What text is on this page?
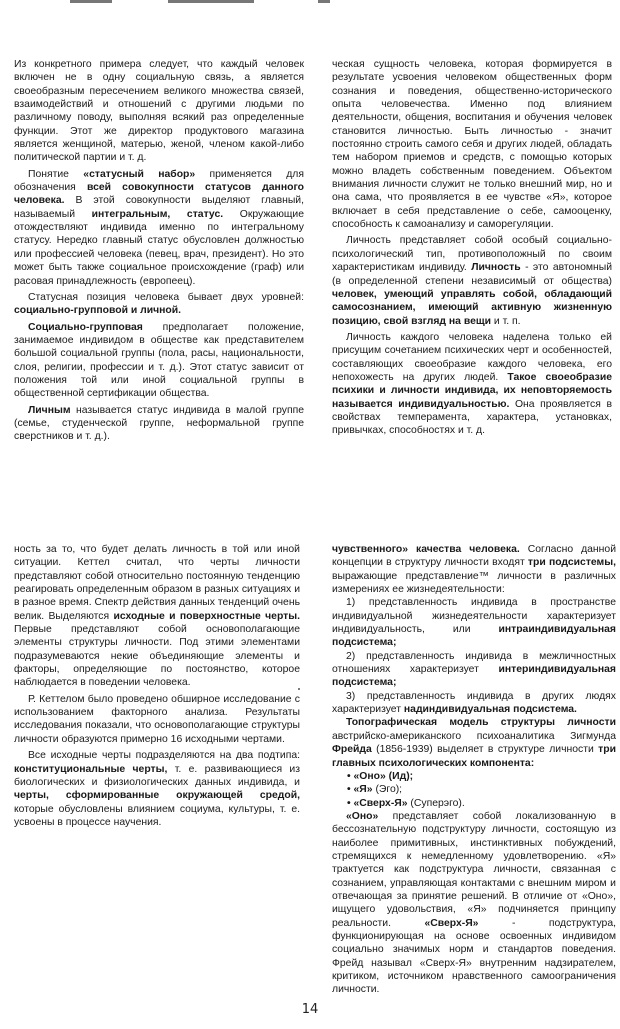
Из конкретного примера следует, что каждый человек включен не в одну социальную связь, а является своеобразным пересечением великого множества связей, взаимодействий и отношений с другими людьми по различному поводу, выполняя всякий раз определенные функции. Этот же директор продуктового магазина является женщиной, матерью, женой, членом какой-либо политической партии и т. д.

Понятие «статусный набор» применяется для обозначения всей совокупности статусов данного человека. В этой совокупности выделяют главный, называемый интегральным, статус. Окружающие отождествляют индивида именно по интегральному статусу. Нередко главный статус обусловлен должностью или профессией человека (певец, врач, президент). Но это может быть также социальное происхождение (граф) или расовая принадлежность (европеец).

Статусная позиция человека бывает двух уровней: социально-групповой и личной.

Социально-групповая предполагает положение, занимаемое индивидом в обществе как представителем большой социальной группы (пола, расы, национальности, слоя, религии, профессии и т. д.). Этот статус зависит от положения той или иной социальной группы в общественной сертификации общества.

Личным называется статус индивида в малой группе (семье, студенческой группе, неформальной группе сверстников и т. д.).

ческая сущность человека, которая формируется в результате усвоения человеком общественных форм сознания и поведения, общественно-исторического опыта человечества. Именно под влиянием деятельности, общения, воспитания и обучения человек становится личностью. Быть личностью - значит постоянно строить самого себя и других людей, обладать тем набором приемов и средств, с помощью которых можно владеть собственным поведением. Объектом внимания личности служит не только внешний мир, но и она сама, что проявляется в ее чувстве «Я», которое включает в себя представление о себе, самооценку, способность к самоанализу и саморегуляции.

Личность представляет собой особый социально-психологический тип, противоположный по своим характеристикам индивиду. Личность - это автономный (в определенной степени независимый от общества) человек, умеющий управлять собой, обладающий самосознанием, имеющий активную жизненную позицию, свой взгляд на вещи и т. п.

Личность каждого человека наделена только ей присущим сочетанием психических черт и особенностей, составляющих своеобразие каждого человека, его непохожесть на других людей. Такое своеобразие психики и личности индивида, их неповторяемость называется индивидуальностью. Она проявляется в свойствах темперамента, характера, установках, привычках, способностях и т. д.

ность за то, что будет делать личность в той или иной ситуации. Кеттел считал, что черты личности представляют собой относительно постоянную тенденцию реагировать определенным образом в разных ситуациях и в разное время. Спектр действия данных тенденций очень велик. Выделяются исходные и поверхностные черты. Первые представляют собой основополагающие элементы структуры личности. Под этими элементами подразумеваются некие объединяющие элементы и факторы, определяющие по постоянство, которое наблюдается в поведении человека.

Р. Кеттелом было проведено обширное исследование с использованием факторного анализа. Результаты исследования показали, что основополагающие структуры личности образуются примерно 16 исходными чертами.

Все исходные черты подразделяются на два подтипа: конституциональные черты, т. е. развивающиеся из биологических и физиологических данных индивида, и черты, сформированные окружающей средой, которые обусловлены влиянием социума, культуры, т. е. усвоены в процессе научения.

чувственного» качества человека. Согласно данной концепции в структуру личности входят три подсистемы, выражающие представление™ личности в различных измерениях ее жизнедеятельности:

1) представленность индивида в пространстве индивидуальной жизнедеятельности характеризует индивидуальность, или интраиндивидуальная подсистема;

2) представленность индивида в межличностных отношениях характеризует интериндивидуальная подсистема;

3) представленность индивида в других людях характеризует надиндивидуальная подсистема.

Топографическая модель структуры личности австрийско-американского психоаналитика Зигмунда Фрейда (1856-1939) выделяет в структуре личности три главных психологических компонента:

• «Оно» (Ид);
• «Я» (Эго);
• «Сверх-Я» (Суперэго).

«Оно» представляет собой локализованную в бессознательную подструктуру личности, состоящую из наиболее примитивных, инстинктивных побуждений, стремящихся к немедленному удовлетворению. «Я» трактуется как подструктура личности, связанная с сознанием, управляющая контактами с внешним миром и отвечающая за принятие решений. В отличие от «Оно», ищущего удовольствия, «Я» подчиняется принципу реальности. «Сверх-Я» - подструктура, функционирующая на основе освоенных индивидом социально значимых норм и стандартов поведения. Фрейд называл «Сверх-Я» внутренним надзирателем, критиком, источником нравственного самоограничения личности.

14
